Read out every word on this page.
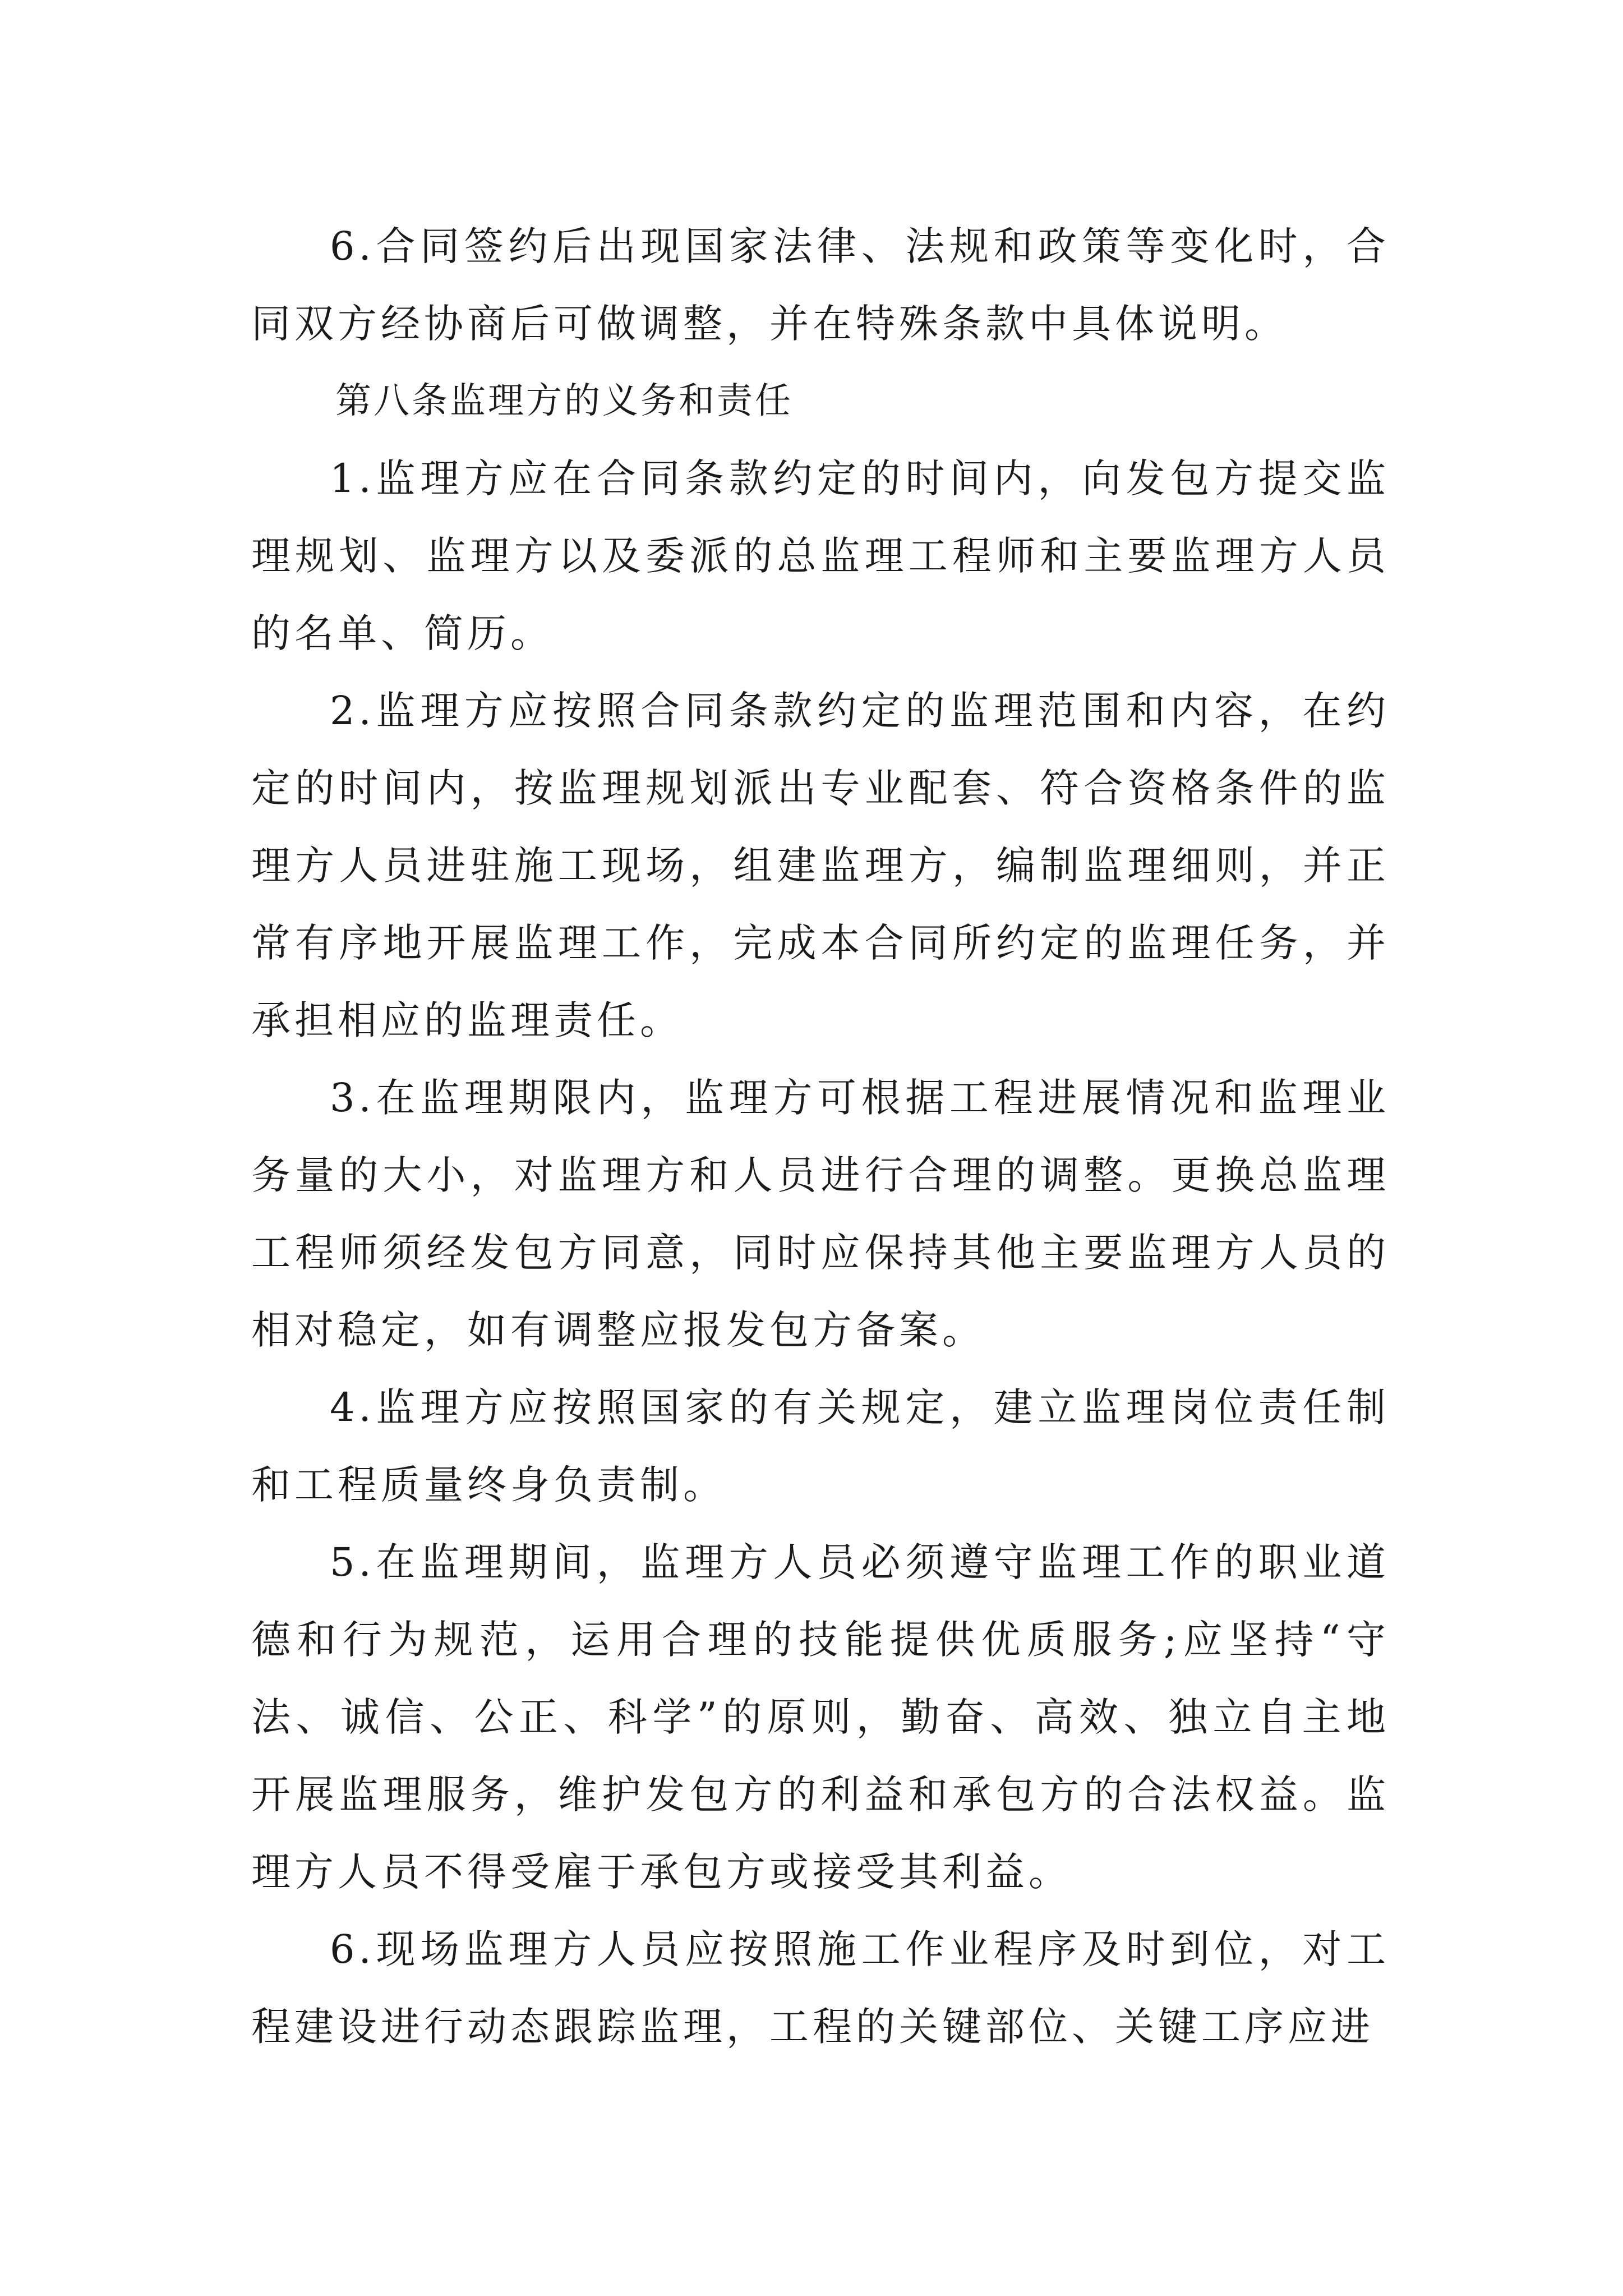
6.合同签约后出现国家法律、法规和政策等变化时，合同双方经协商后可做调整，并在特殊条款中具体说明。

第八条监理方的义务和责任

1.监理方应在合同条款约定的时间内，向发包方提交监理规划、监理方以及委派的总监理工程师和主要监理方人员的名单、简历。

2.监理方应按照合同条款约定的监理范围和内容，在约定的时间内，按监理规划派出专业配套、符合资格条件的监理方人员进驻施工现场，组建监理方，编制监理细则，并正常有序地开展监理工作，完成本合同所约定的监理任务，并承担相应的监理责任。

3.在监理期限内，监理方可根据工程进展情况和监理业务量的大小，对监理方和人员进行合理的调整。更换总监理工程师须经发包方同意，同时应保持其他主要监理方人员的相对稳定，如有调整应报发包方备案。

4.监理方应按照国家的有关规定，建立监理岗位责任制和工程质量终身负责制。

5.在监理期间，监理方人员必须遵守监理工作的职业道德和行为规范，运用合理的技能提供优质服务;应坚持“守法、诚信、公正、科学”的原则，勤奋、高效、独立自主地开展监理服务，维护发包方的利益和承包方的合法权益。监理方人员不得受雇于承包方或接受其利益。

6.现场监理方人员应按照施工作业程序及时到位，对工程建设进行动态跟踪监理，工程的关键部位、关键工序应进
